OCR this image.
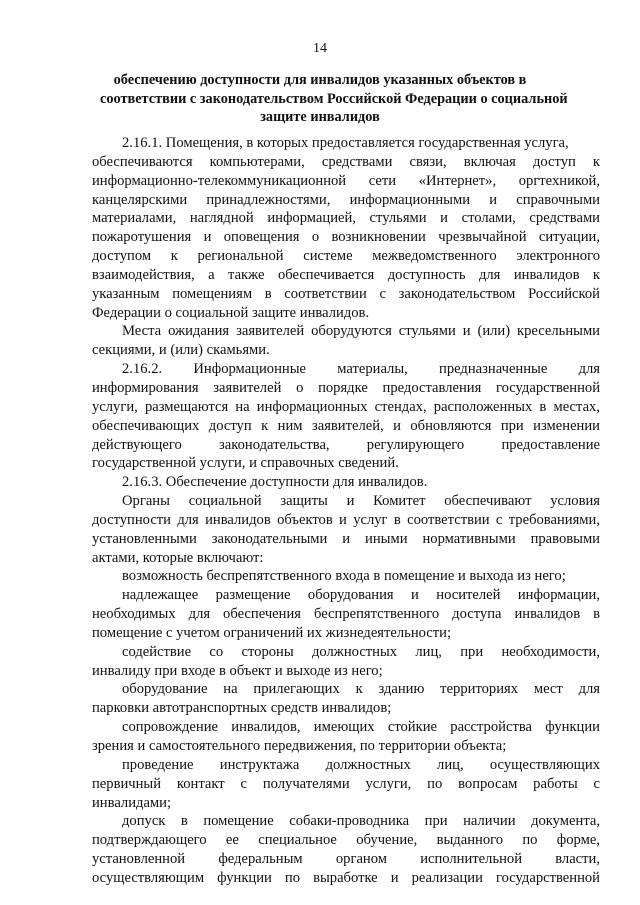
14
обеспечению доступности для инвалидов указанных объектов в
соответствии с законодательством Российской Федерации о социальной
защите инвалидов
2.16.1. Помещения, в которых предоставляется государственная услуга,
обеспечиваются компьютерами, средствами связи, включая доступ к
информационно-телекоммуникационной сети «Интернет», оргтехникой,
канцелярскими принадлежностями, информационными и справочными
материалами, наглядной информацией, стульями и столами, средствами
пожаротушения и оповещения о возникновении чрезвычайной ситуации,
доступом к региональной системе межведомственного электронного
взаимодействия, а также обеспечивается доступность для инвалидов к
указанным помещениям в соответствии с законодательством Российской
Федерации о социальной защите инвалидов.
Места ожидания заявителей оборудуются стульями и (или) кресельными
секциями, и (или) скамьями.
2.16.2. Информационные материалы, предназначенные для
информирования заявителей о порядке предоставления государственной
услуги, размещаются на информационных стендах, расположенных в местах,
обеспечивающих доступ к ним заявителей, и обновляются при изменении
действующего законодательства, регулирующего предоставление
государственной услуги, и справочных сведений.
2.16.3. Обеспечение доступности для инвалидов.
Органы социальной защиты и Комитет обеспечивают условия
доступности для инвалидов объектов и услуг в соответствии с требованиями,
установленными законодательными и иными нормативными правовыми
актами, которые включают:
возможность беспрепятственного входа в помещение и выхода из него;
надлежащее размещение оборудования и носителей информации,
необходимых для обеспечения беспрепятственного доступа инвалидов в
помещение с учетом ограничений их жизнедеятельности;
содействие со стороны должностных лиц, при необходимости,
инвалиду при входе в объект и выходе из него;
оборудование на прилегающих к зданию территориях мест для
парковки автотранспортных средств инвалидов;
сопровождение инвалидов, имеющих стойкие расстройства функции
зрения и самостоятельного передвижения, по территории объекта;
проведение инструктажа должностных лиц, осуществляющих
первичный контакт с получателями услуги, по вопросам работы с
инвалидами;
допуск в помещение собаки-проводника при наличии документа,
подтверждающего ее специальное обучение, выданного по форме,
установленной федеральным органом исполнительной власти,
осуществляющим функции по выработке и реализации государственной
